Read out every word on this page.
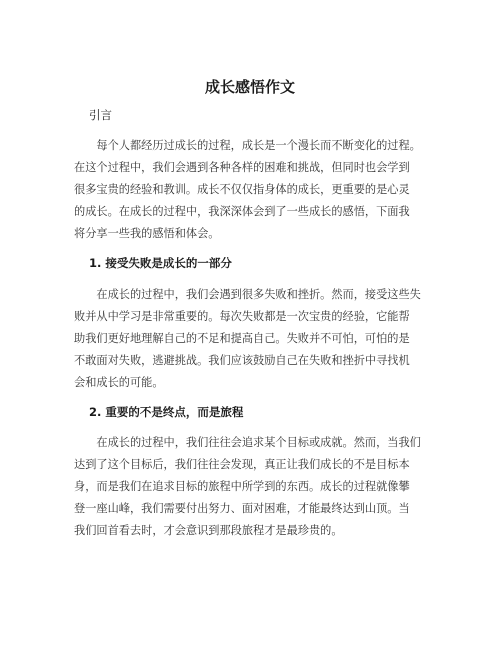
成长感悟作文
引言

　　每个人都经历过成长的过程，成长是一个漫长而不断变化的过程。
在这个过程中，我们会遇到各种各样的困难和挑战，但同时也会学到
很多宝贵的经验和教训。成长不仅仅指身体的成长，更重要的是心灵
的成长。在成长的过程中，我深深体会到了一些成长的感悟，下面我
将分享一些我的感悟和体会。

1. 接受失败是成长的一部分

　　在成长的过程中，我们会遇到很多失败和挫折。然而，接受这些失
败并从中学习是非常重要的。每次失败都是一次宝贵的经验，它能帮
助我们更好地理解自己的不足和提高自己。失败并不可怕，可怕的是
不敢面对失败，逃避挑战。我们应该鼓励自己在失败和挫折中寻找机
会和成长的可能。

2. 重要的不是终点，而是旅程

　　在成长的过程中，我们往往会追求某个目标或成就。然而，当我们
达到了这个目标后，我们往往会发现，真正让我们成长的不是目标本
身，而是我们在追求目标的旅程中所学到的东西。成长的过程就像攀
登一座山峰，我们需要付出努力、面对困难，才能最终达到山顶。当
我们回首看去时，才会意识到那段旅程才是最珍贵的。
